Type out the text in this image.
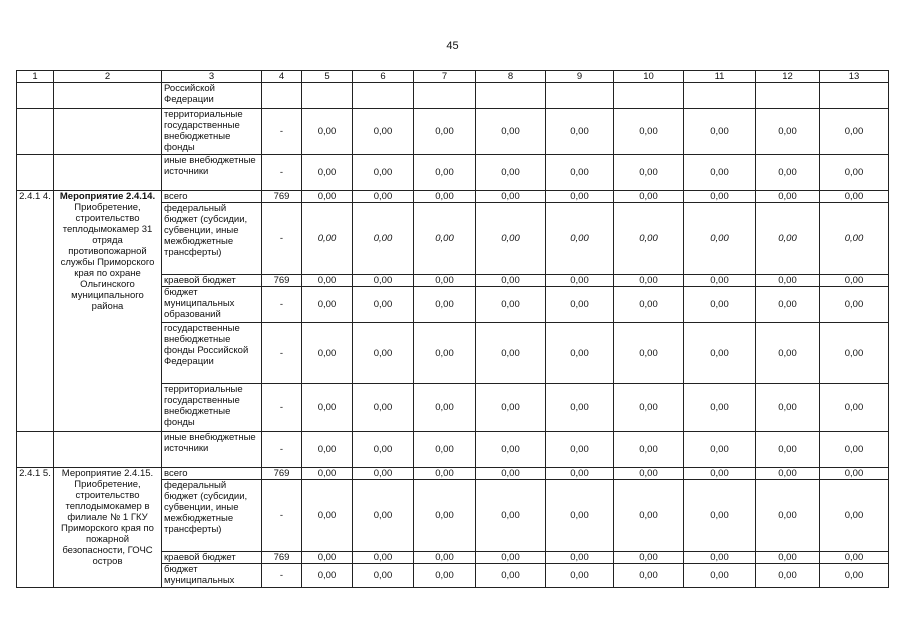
45
1	2	3	4	5	6	7	8	9	10	11	12	13
		Российской Федерации										
		территориальные государственные внебюджетные фонды	-	0,00	0,00	0,00	0,00	0,00	0,00	0,00	0,00	0,00
		иные внебюджетные источники	-	0,00	0,00	0,00	0,00	0,00	0,00	0,00	0,00	0,00
2.4.1 4.	Мероприятие 2.4.14. Приобретение, строительство теплодымокамер 31 отряда противопожарной службы Приморского края по охране Ольгинского муниципального района	всего	769	0,00	0,00	0,00	0,00	0,00	0,00	0,00	0,00	0,00
		федеральный бюджет (субсидии, субвенции, иные межбюджетные трансферты)	-	0,00	0,00	0,00	0,00	0,00	0,00	0,00	0,00	0,00
		краевой бюджет	769	0,00	0,00	0,00	0,00	0,00	0,00	0,00	0,00	0,00
		бюджет муниципальных образований	-	0,00	0,00	0,00	0,00	0,00	0,00	0,00	0,00	0,00
		государственные внебюджетные фонды Российской Федерации	-	0,00	0,00	0,00	0,00	0,00	0,00	0,00	0,00	0,00
		территориальные государственные внебюджетные фонды	-	0,00	0,00	0,00	0,00	0,00	0,00	0,00	0,00	0,00
		иные внебюджетные источники	-	0,00	0,00	0,00	0,00	0,00	0,00	0,00	0,00	0,00
2.4.1 5.	Мероприятие 2.4.15. Приобретение, строительство теплодымокамер в филиале № 1 ГКУ Приморского края по пожарной безопасности, ГОЧС остров	всего	769	0,00	0,00	0,00	0,00	0,00	0,00	0,00	0,00	0,00
		федеральный бюджет (субсидии, субвенции, иные межбюджетные трансферты)	-	0,00	0,00	0,00	0,00	0,00	0,00	0,00	0,00	0,00
		краевой бюджет	769	0,00	0,00	0,00	0,00	0,00	0,00	0,00	0,00	0,00
		бюджет муниципальных	-	0,00	0,00	0,00	0,00	0,00	0,00	0,00	0,00	0,00
